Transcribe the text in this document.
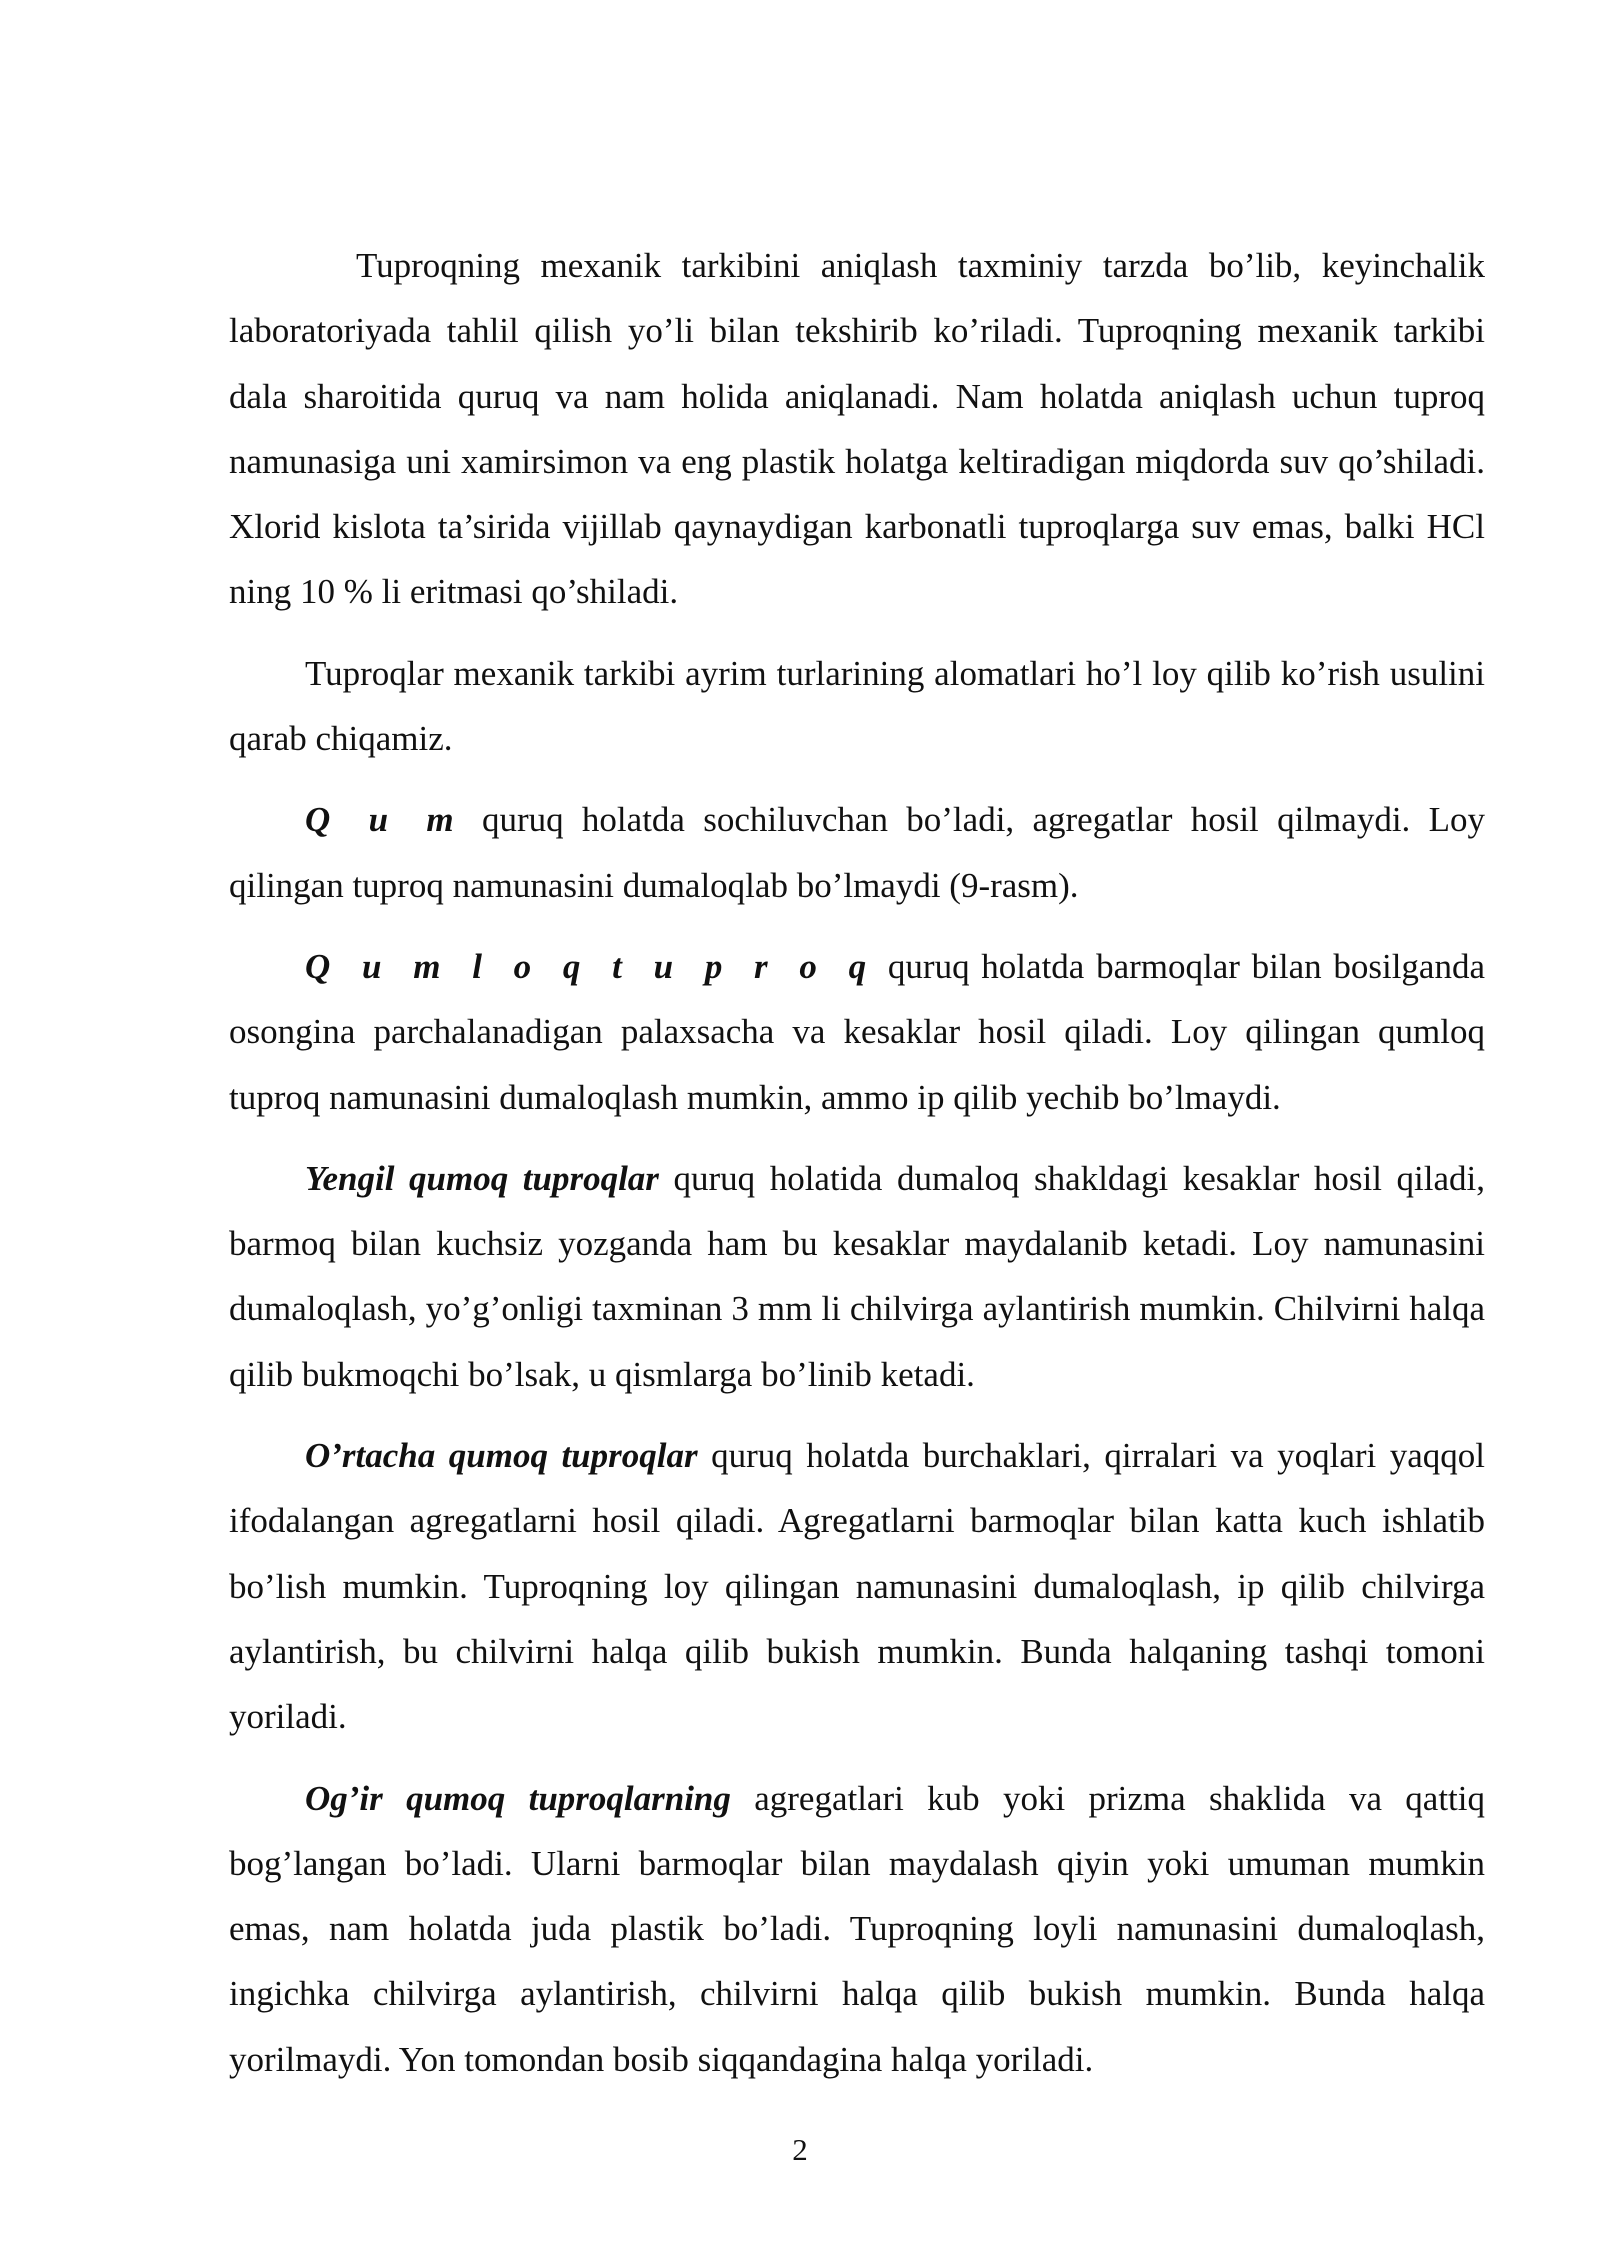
Tuproqning mexanik tarkibini aniqlash taxminiy tarzda bo’lib, keyinchalik laboratoriyada tahlil qilish yo’li bilan tekshirib ko’riladi. Tuproqning mexanik tarkibi dala sharoitida quruq va nam holida aniqlanadi. Nam holatda aniqlash uchun tuproq namunasiga uni xamirsimon va eng plastik holatga keltiradigan miqdorda suv qo’shiladi. Xlorid kislota ta’sirida vijillab qaynaydigan karbonatli tuproqlarga suv emas, balki HCl ning 10 % li eritmasi qo’shiladi.

Tuproqlar mexanik tarkibi ayrim turlarining alomatlari ho’l loy qilib ko’rish usulini qarab chiqamiz.

Q u m quruq holatda sochiluvchan bo’ladi, agregatlar hosil qilmaydi. Loy qilingan tuproq namunasini dumaloqlab bo’lmaydi (9-rasm).

Q u m l o q t u p r o q quruq holatda barmoqlar bilan bosilganda osongina parchalanadigan palaxsacha va kesaklar hosil qiladi. Loy qilingan qumloq tuproq namunasini dumaloqlash mumkin, ammo ip qilib yechib bo’lmaydi.

Yengil qumoq tuproqlar quruq holatida dumaloq shakldagi kesaklar hosil qiladi, barmoq bilan kuchsiz yozganda ham bu kesaklar maydalanib ketadi. Loy namunasini dumaloqlash, yo’g’onligi taxminan 3 mm li chilvirga aylantirish mumkin. Chilvirni halqa qilib bukmoqchi bo’lsak, u qismlarga bo’linib ketadi.

O’rtacha qumoq tuproqlar quruq holatda burchaklari, qirralari va yoqlari yaqqol ifodalangan agregatlarni hosil qiladi. Agregatlarni barmoqlar bilan katta kuch ishlatib bo’lish mumkin. Tuproqning loy qilingan namunasini dumaloqlash, ip qilib chilvirga aylantirish, bu chilvirni halqa qilib bukish mumkin. Bunda halqaning tashqi tomoni yoriladi.

Og’ir qumoq tuproqlarning agregatlari kub yoki prizma shaklida va qattiq bog’langan bo’ladi. Ularni barmoqlar bilan maydalash qiyin yoki umuman mumkin emas, nam holatda juda plastik bo’ladi. Tuproqning loyli namunasini dumaloqlash, ingichka chilvirga aylantirish, chilvirni halqa qilib bukish mumkin. Bunda halqa yorilmaydi. Yon tomondan bosib siqqandagina halqa yoriladi.

2
